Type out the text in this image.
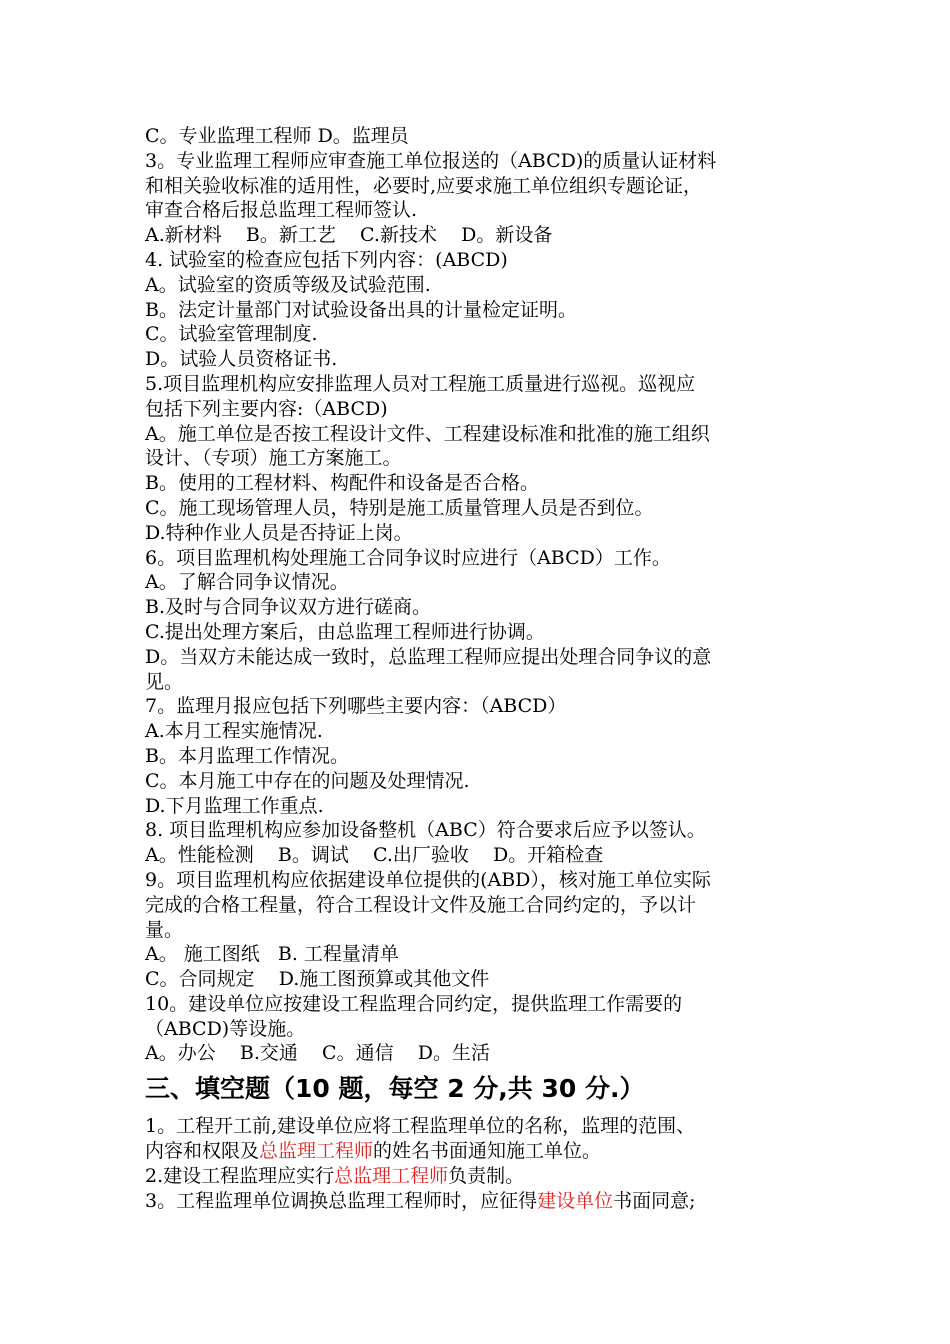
C。专业监理工程师 D。监理员
3。专业监理工程师应审查施工单位报送的（ABCD)的质量认证材料
和相关验收标准的适用性，必要时,应要求施工单位组织专题论证，
审查合格后报总监理工程师签认.
A.新材料    B。新工艺    C.新技术    D。新设备
4. 试验室的检查应包括下列内容：(ABCD)
A。试验室的资质等级及试验范围.
B。法定计量部门对试验设备出具的计量检定证明。
C。试验室管理制度.
D。试验人员资格证书.
5.项目监理机构应安排监理人员对工程施工质量进行巡视。巡视应
包括下列主要内容:（ABCD)
A。施工单位是否按工程设计文件、工程建设标准和批准的施工组织
设计、（专项）施工方案施工。
B。使用的工程材料、构配件和设备是否合格。
C。施工现场管理人员，特别是施工质量管理人员是否到位。
D.特种作业人员是否持证上岗。
6。项目监理机构处理施工合同争议时应进行（ABCD）工作。
A。了解合同争议情况。
B.及时与合同争议双方进行磋商。
C.提出处理方案后，由总监理工程师进行协调。
D。当双方未能达成一致时，总监理工程师应提出处理合同争议的意
见。
7。监理月报应包括下列哪些主要内容：（ABCD）
A.本月工程实施情况.
B。本月监理工作情况。
C。本月施工中存在的问题及处理情况.
D.下月监理工作重点.
8. 项目监理机构应参加设备整机（ABC）符合要求后应予以签认。
A。性能检测    B。调试    C.出厂验收    D。开箱检查
9。项目监理机构应依据建设单位提供的(ABD），核对施工单位实际
完成的合格工程量，符合工程设计文件及施工合同约定的，予以计
量。
A。 施工图纸   B. 工程量清单
C。合同规定    D.施工图预算或其他文件
10。建设单位应按建设工程监理合同约定，提供监理工作需要的
（ABCD)等设施。
A。办公    B.交通    C。通信    D。生活
三、填空题（10 题，每空 2 分,共 30 分.）
1。工程开工前,建设单位应将工程监理单位的名称，监理的范围、
内容和权限及总监理工程师的姓名书面通知施工单位。
2.建设工程监理应实行总监理工程师负责制。
3。工程监理单位调换总监理工程师时，应征得建设单位书面同意;
